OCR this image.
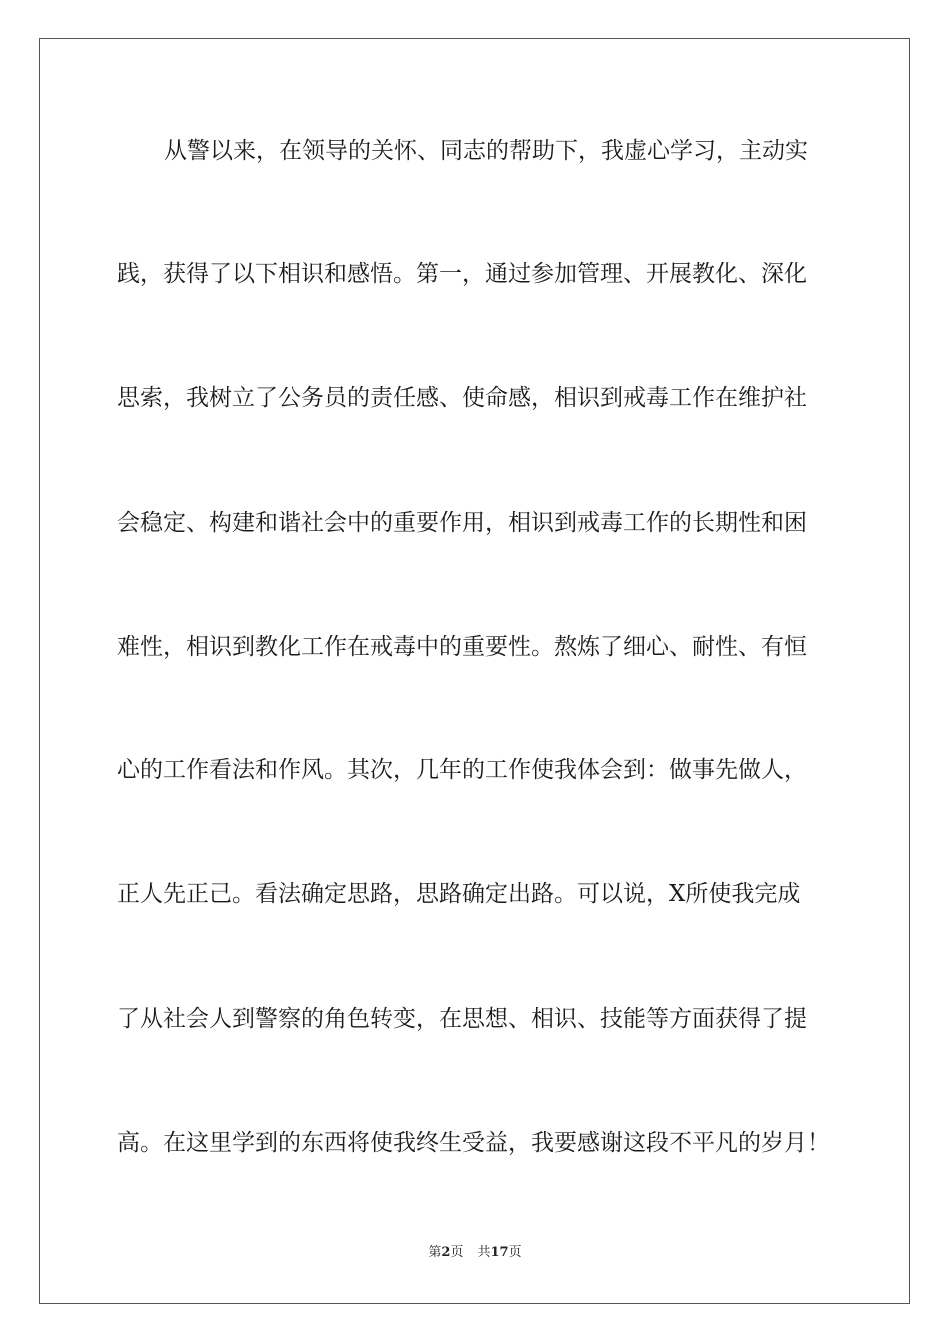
从警以来，在领导的关怀、同志的帮助下，我虚心学习，主动实
践，获得了以下相识和感悟。第一，通过参加管理、开展教化、深化
思索，我树立了公务员的责任感、使命感，相识到戒毒工作在维护社
会稳定、构建和谐社会中的重要作用，相识到戒毒工作的长期性和困
难性，相识到教化工作在戒毒中的重要性。熬炼了细心、耐性、有恒
心的工作看法和作风。其次，几年的工作使我体会到：做事先做人，
正人先正己。看法确定思路，思路确定出路。可以说，X所使我完成
了从社会人到警察的角色转变，在思想、相识、技能等方面获得了提
高。在这里学到的东西将使我终生受益，我要感谢这段不平凡的岁月！
第2页 共17页
